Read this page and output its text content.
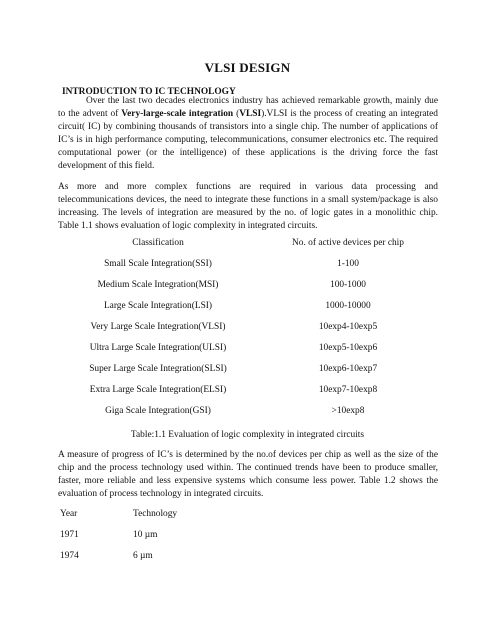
VLSI DESIGN
INTRODUCTION TO IC TECHNOLOGY

Over the last two decades electronics industry has achieved remarkable growth, mainly due to the advent of Very-large-scale integration (VLSI).VLSI is the process of creating an integrated circuit( IC) by combining thousands of transistors into a single chip. The number of applications of IC’s is in high performance computing, telecommunications, consumer electronics etc. The required computational power (or the intelligence) of these applications is the driving force the fast development of this field.

As more and more complex functions are required in various data processing and telecommunications devices, the need to integrate these functions in a small system/package is also increasing. The levels of integration are measured by the no. of logic gates in a monolithic chip. Table 1.1 shows evaluation of logic complexity in integrated circuits.

Classification	No. of active devices per chip
Small Scale Integration(SSI)	1-100
Medium Scale Integration(MSI)	100-1000
Large Scale Integration(LSI)	1000-10000
Very Large Scale Integration(VLSI)	10exp4-10exp5
Ultra Large Scale Integration(ULSI)	10exp5-10exp6
Super Large Scale Integration(SLSI)	10exp6-10exp7
Extra Large Scale Integration(ELSI)	10exp7-10exp8
Giga Scale Integration(GSI)	>10exp8
Table:1.1 Evaluation of logic complexity in integrated circuits

A measure of progress of IC’s is determined by the no.of devices per chip as well as the size of the chip and the process technology used within. The continued trends have been to produce smaller, faster, more reliable and less expensive systems which consume less power. Table 1.2 shows the evaluation of process technology in integrated circuits.

Year	Technology
1971	10 µm
1974	6 µm
